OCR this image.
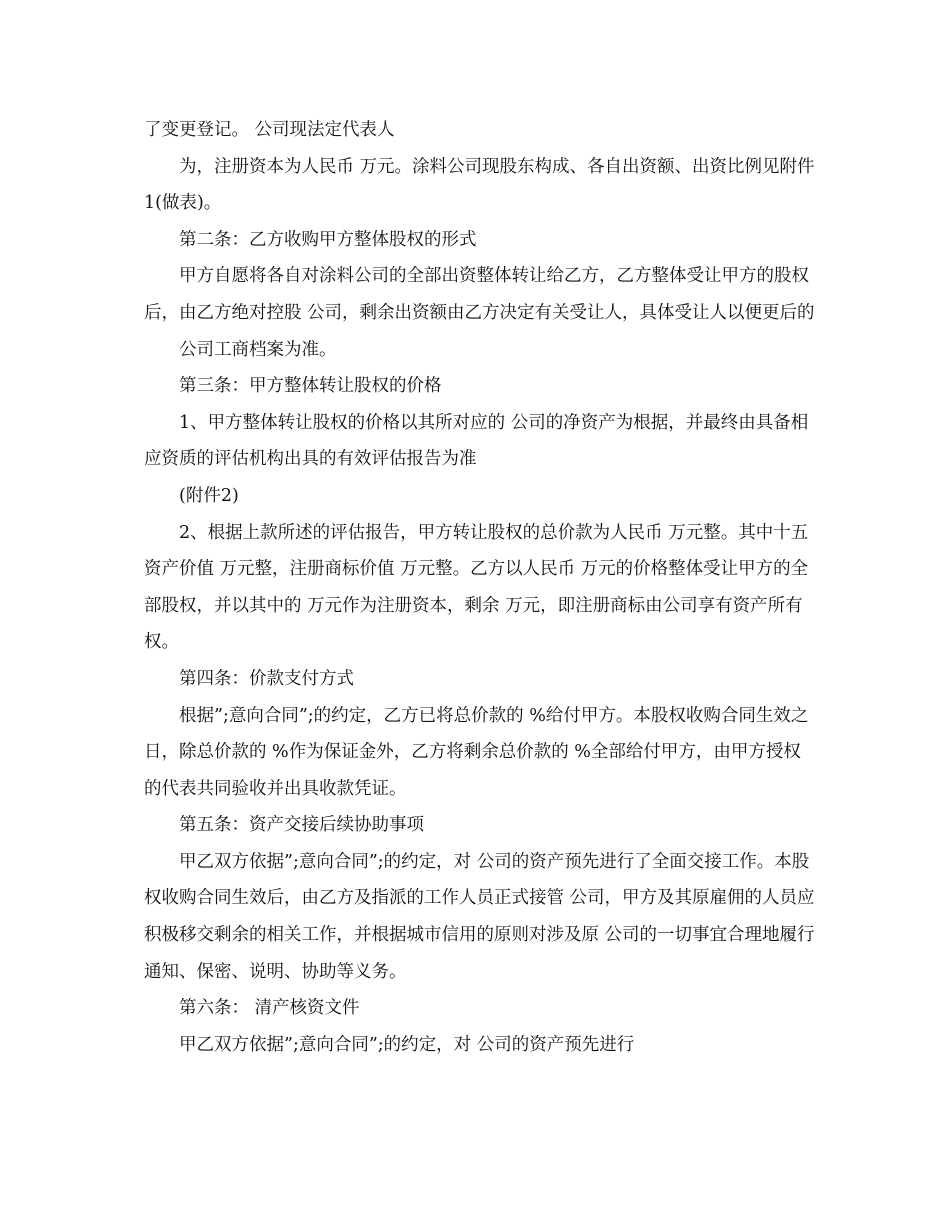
了变更登记。 公司现法定代表人

为，注册资本为人民币 万元。涂料公司现股东构成、各自出资额、出资比例见附件1(做表)。

第二条：乙方收购甲方整体股权的形式

甲方自愿将各自对涂料公司的全部出资整体转让给乙方，乙方整体受让甲方的股权后，由乙方绝对控股 公司，剩余出资额由乙方决定有关受让人，具体受让人以便更后的

公司工商档案为准。

第三条：甲方整体转让股权的价格

1、甲方整体转让股权的价格以其所对应的 公司的净资产为根据，并最终由具备相应资质的评估机构出具的有效评估报告为准

(附件2)

2、根据上款所述的评估报告，甲方转让股权的总价款为人民币 万元整。其中十五资产价值 万元整，注册商标价值 万元整。乙方以人民币 万元的价格整体受让甲方的全部股权，并以其中的 万元作为注册资本，剩余 万元，即注册商标由公司享有资产所有权。

第四条：价款支付方式

根据”;意向合同”;的约定，乙方已将总价款的 %给付甲方。本股权收购合同生效之日，除总价款的 %作为保证金外，乙方将剩余总价款的 %全部给付甲方，由甲方授权的代表共同验收并出具收款凭证。

第五条：资产交接后续协助事项

甲乙双方依据”;意向合同”;的约定，对 公司的资产预先进行了全面交接工作。本股权收购合同生效后，由乙方及指派的工作人员正式接管 公司，甲方及其原雇佣的人员应积极移交剩余的相关工作，并根据城市信用的原则对涉及原 公司的一切事宜合理地履行通知、保密、说明、协助等义务。

第六条： 清产核资文件

甲乙双方依据”;意向合同”;的约定，对 公司的资产预先进行
